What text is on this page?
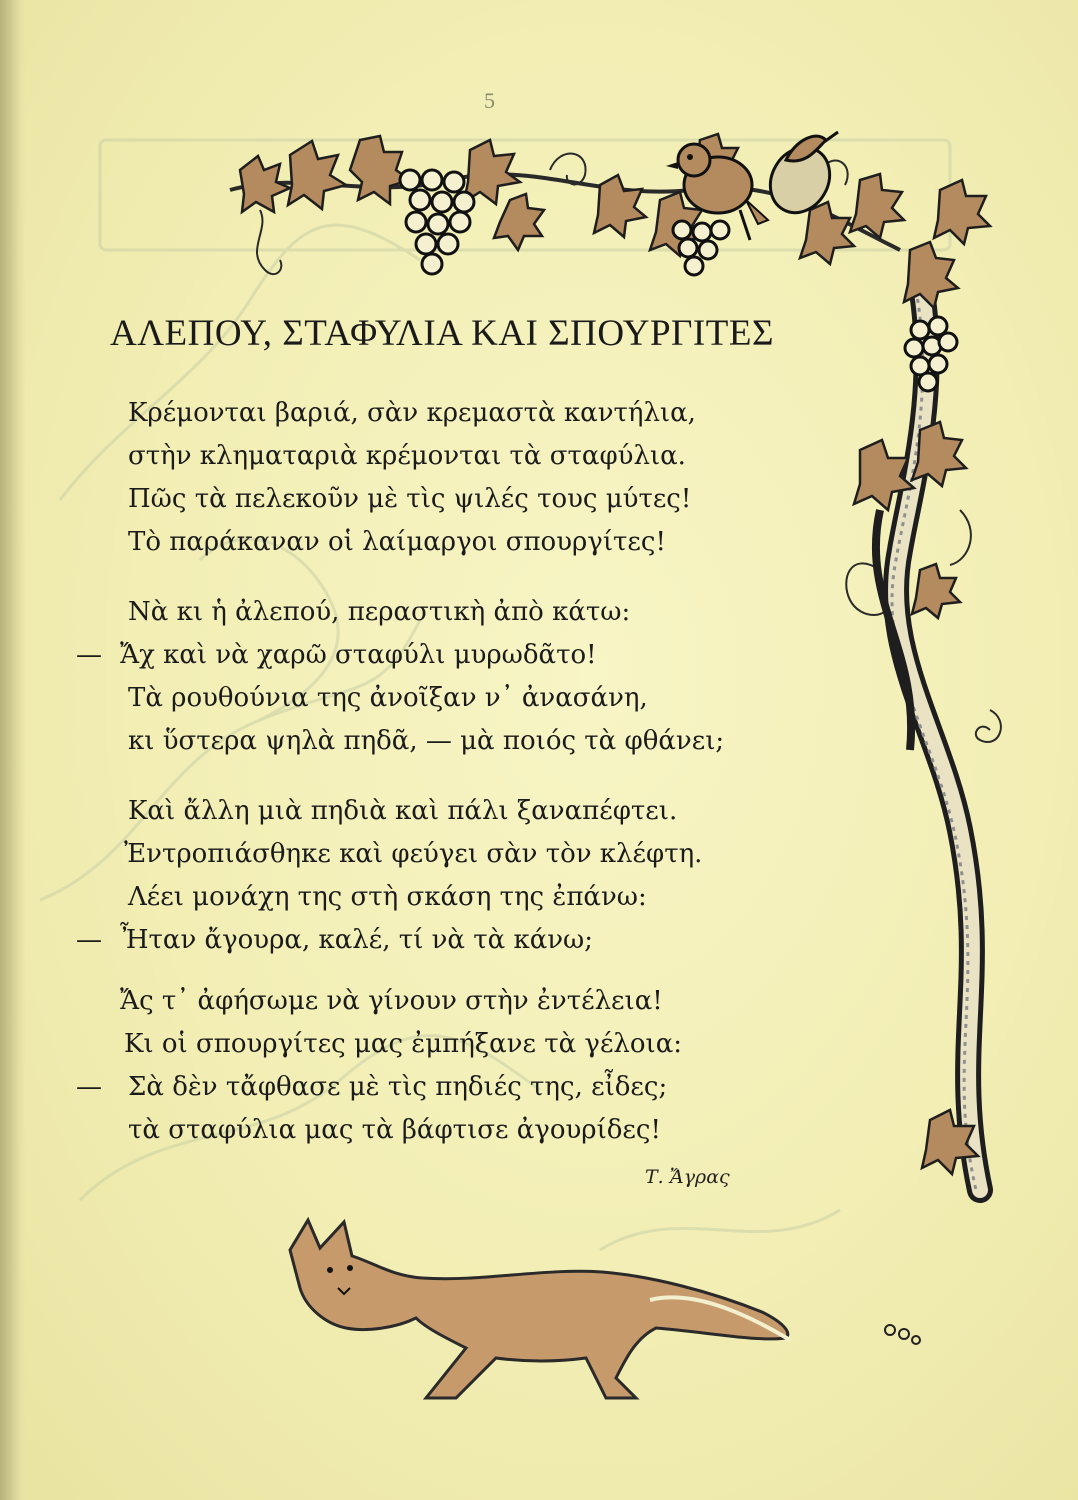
5
ΑΛΕΠΟΥ, ΣΤΑΦΥΛΙΑ ΚΑΙ ΣΠΟΥΡΓΙΤΕΣ
Κρέμονται βαριά, σὰν κρεμαστὰ καντήλια,
στὴν κληματαριὰ κρέμονται τὰ σταφύλια.
Πῶς τὰ πελεκοῦν μὲ τὶς ψιλές τους μύτες!
Τὸ παράκαναν οἱ λαίμαργοι σπουργίτες!
Νὰ κι ἡ ἀλεπού, περαστικὴ ἀπὸ κάτω:
— Ἄχ καὶ νὰ χαρῶ σταφύλι μυρωδᾶτο!
Τὰ ρουθούνια της ἀνοῖξαν ν᾽ ἀνασάνη,
κι ὕστερα ψηλὰ πηδᾶ, — μὰ ποιός τὰ φθάνει;
Καὶ ἄλλη μιὰ πηδιὰ καὶ πάλι ξαναπέφτει.
Ἐντροπιάσθηκε καὶ φεύγει σὰν τὸν κλέφτη.
Λέει μονάχη της στὴ σκάση της ἐπάνω:
— Ἦταν ἄγουρα, καλέ, τί νὰ τὰ κάνω;
Ἄς τ᾽ ἀφήσωμε νὰ γίνουν στὴν ἐντέλεια!
Κι οἱ σπουργίτες μας ἐμπήξανε τὰ γέλοια:
— Σὰ δὲν τἄφθασε μὲ τὶς πηδιές της, εἶδες;
τὰ σταφύλια μας τὰ βάφτισε ἀγουρίδες!
Τ. Ἄγρας
